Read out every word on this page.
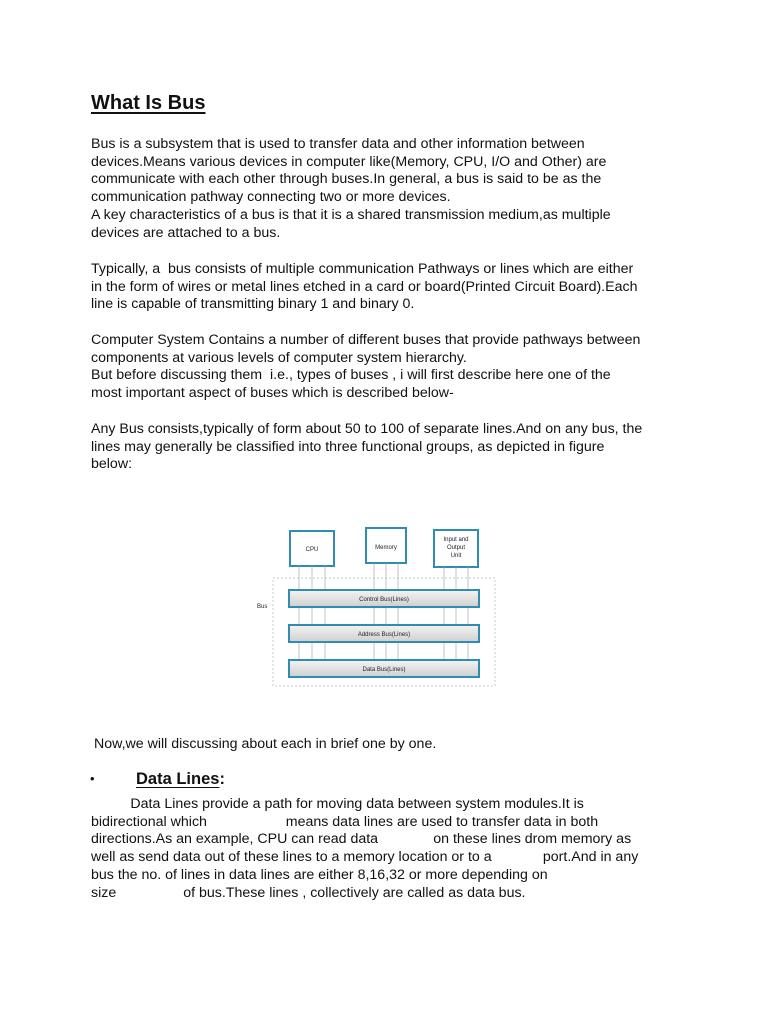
What Is Bus

Bus is a subsystem that is used to transfer data and other information between
devices.Means various devices in computer like(Memory, CPU, I/O and Other) are
communicate with each other through buses.In general, a bus is said to be as the
communication pathway connecting two or more devices.

A key characteristics of a bus is that it is a shared transmission medium,as multiple
devices are attached to a bus.

Typically, a  bus consists of multiple communication Pathways or lines which are either
in the form of wires or metal lines etched in a card or board(Printed Circuit Board).Each
line is capable of transmitting binary 1 and binary 0.

Computer System Contains a number of different buses that provide pathways between
components at various levels of computer system hierarchy.

But before discussing them  i.e., types of buses , i will first describe here one of the
most important aspect of buses which is described below-

Any Bus consists,typically of form about 50 to 100 of separate lines.And on any bus, the
lines may generally be classified into three functional groups, as depicted in figure
below:

CPU	Memory
Input and
Output
Unit
Bus
Control Bus(Lines)
Address Bus(Lines)
Data Bus(Lines)

Now,we will discussing about each in brief one by one.

•	Data Lines:

Data Lines provide a path for moving data between system modules.It is
bidirectional which                    means data lines are used to transfer data in both
directions.As an example, CPU can read data              on these lines drom memory as
well as send data out of these lines to a memory location or to a             port.And in any
bus the no. of lines in data lines are either 8,16,32 or more depending on
size                 of bus.These lines , collectively are called as data bus.
